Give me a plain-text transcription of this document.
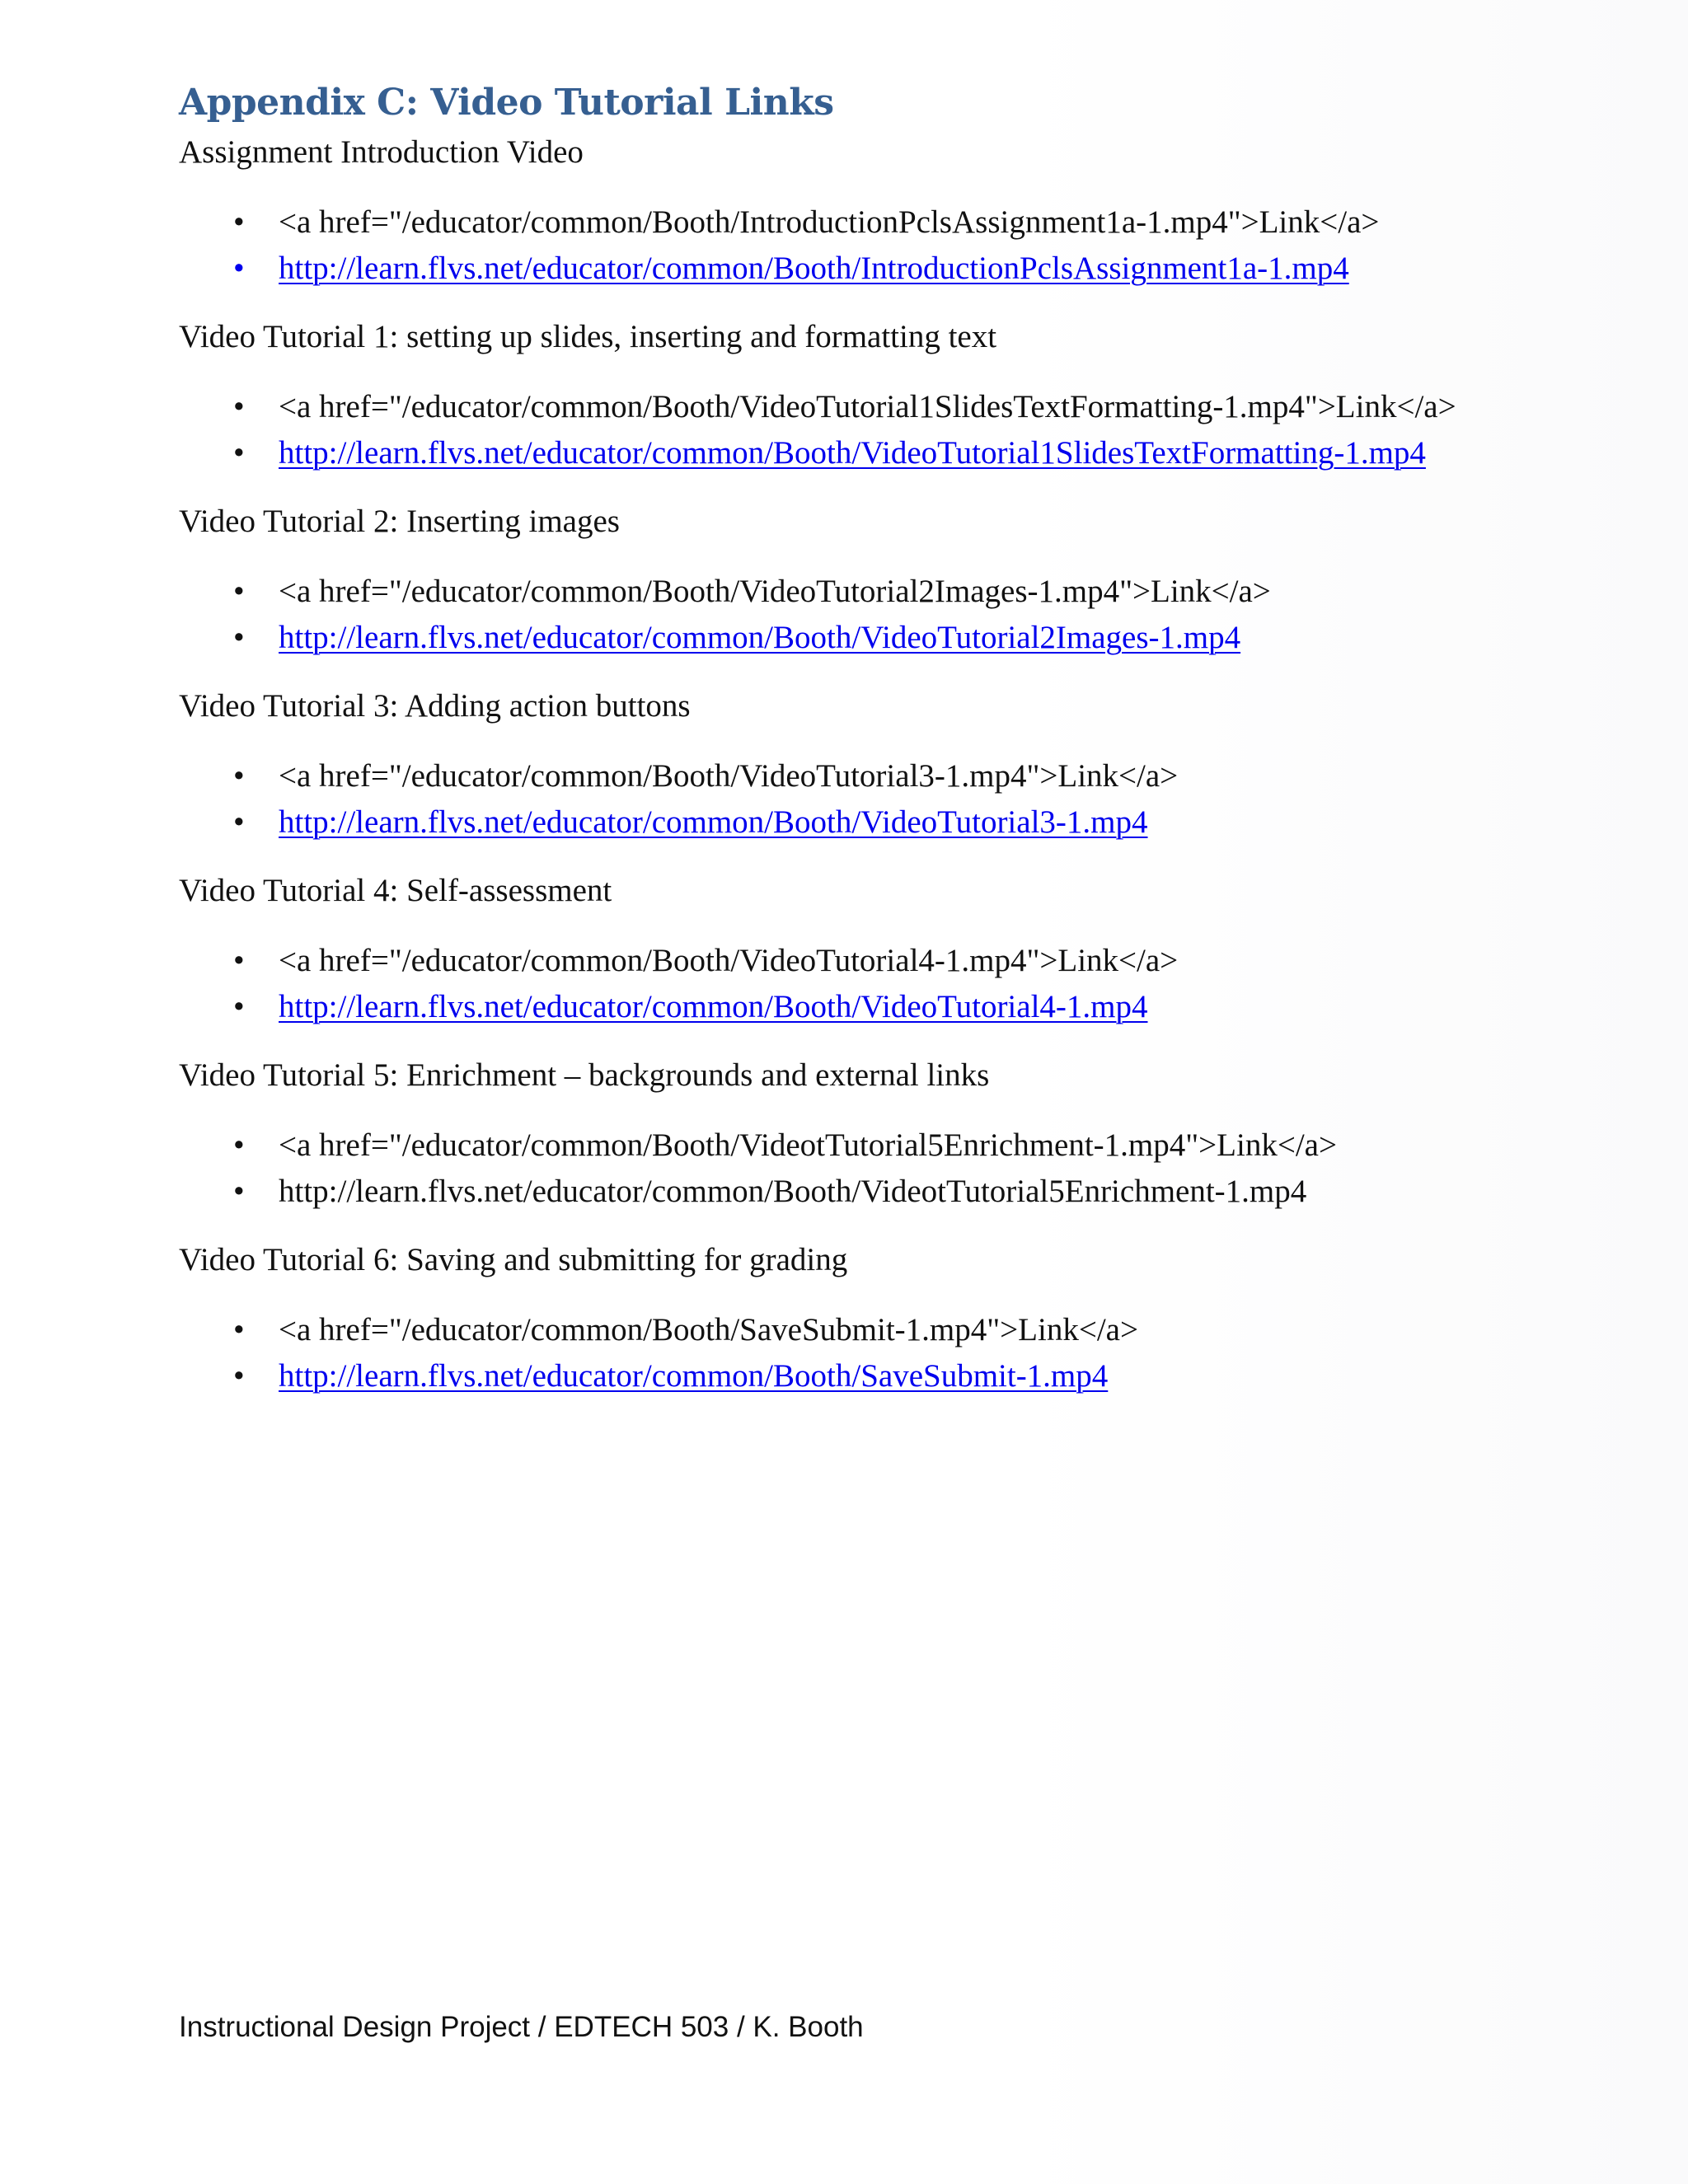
Appendix C: Video Tutorial Links

Assignment Introduction Video

• <a href="/educator/common/Booth/IntroductionPclsAssignment1a-1.mp4">Link</a>
• http://learn.flvs.net/educator/common/Booth/IntroductionPclsAssignment1a-1.mp4

Video Tutorial 1: setting up slides, inserting and formatting text

• <a href="/educator/common/Booth/VideoTutorial1SlidesTextFormatting-1.mp4">Link</a>
• http://learn.flvs.net/educator/common/Booth/VideoTutorial1SlidesTextFormatting-1.mp4

Video Tutorial 2: Inserting images

• <a href="/educator/common/Booth/VideoTutorial2Images-1.mp4">Link</a>
• http://learn.flvs.net/educator/common/Booth/VideoTutorial2Images-1.mp4

Video Tutorial 3: Adding action buttons

• <a href="/educator/common/Booth/VideoTutorial3-1.mp4">Link</a>
• http://learn.flvs.net/educator/common/Booth/VideoTutorial3-1.mp4

Video Tutorial 4: Self-assessment

• <a href="/educator/common/Booth/VideoTutorial4-1.mp4">Link</a>
• http://learn.flvs.net/educator/common/Booth/VideoTutorial4-1.mp4

Video Tutorial 5: Enrichment – backgrounds and external links

• <a href="/educator/common/Booth/VideotTutorial5Enrichment-1.mp4">Link</a>
• http://learn.flvs.net/educator/common/Booth/VideotTutorial5Enrichment-1.mp4

Video Tutorial 6: Saving and submitting for grading

• <a href="/educator/common/Booth/SaveSubmit-1.mp4">Link</a>
• http://learn.flvs.net/educator/common/Booth/SaveSubmit-1.mp4
Instructional Design Project / EDTECH 503 / K. Booth
